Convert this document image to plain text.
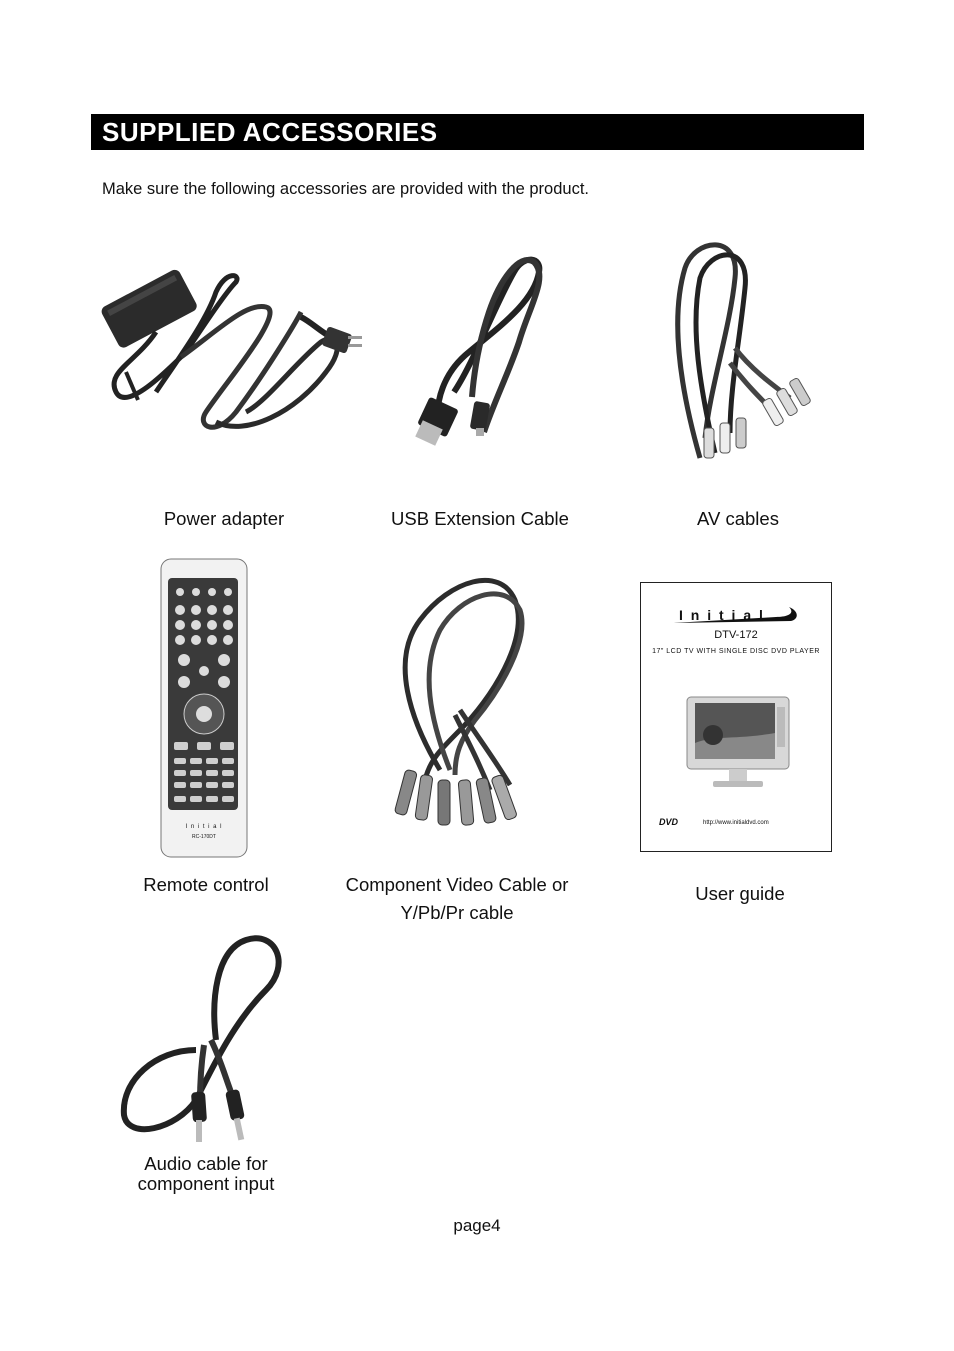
SUPPLIED ACCESSORIES
Make sure the following accessories are provided with the product.
Power adapter	USB Extension Cable	AV cables
I n i t i a l
RC-170DT
I n i t i a l
DTV-172
17" LCD TV WITH SINGLE DISC DVD PLAYER
DVD	http://www.initialdvd.com
Remote control	Component Video Cable or
Y/Pb/Pr cable
User guide
Audio cable for
component input
page4
